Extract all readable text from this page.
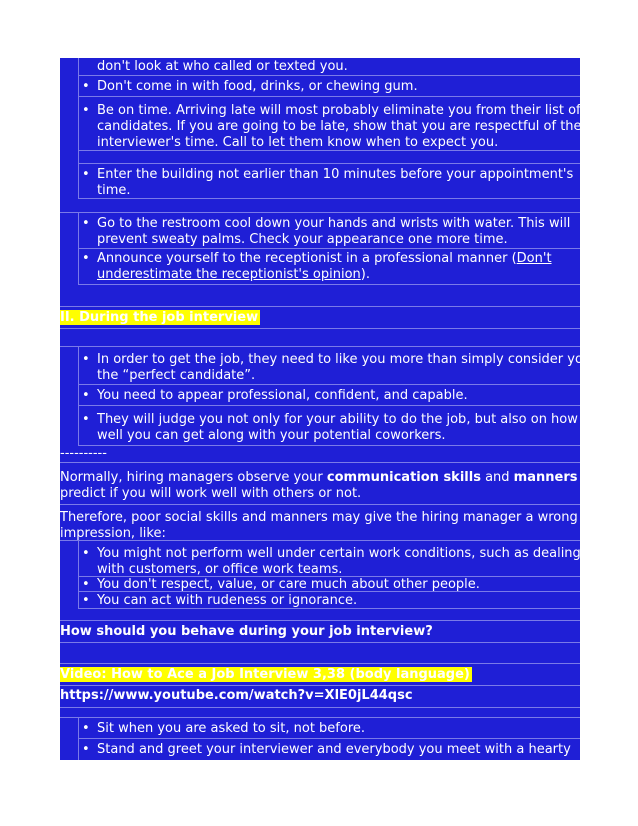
don't look at who called or texted you.
• Don't come in with food, drinks, or chewing gum.
• Be on time. Arriving late will most probably eliminate you from their list of
candidates. If you are going to be late, show that you are respectful of the
interviewer's time. Call to let them know when to expect you.
• Enter the building not earlier than 10 minutes before your appointment's
time.
• Go to the restroom cool down your hands and wrists with water. This will
prevent sweaty palms. Check your appearance one more time.
• Announce yourself to the receptionist in a professional manner (Don't
underestimate the receptionist's opinion).
II. During the job interview
• In order to get the job, they need to like you more than simply consider you
the “perfect candidate”.
• You need to appear professional, confident, and capable.
• They will judge you not only for your ability to do the job, but also on how
well you can get along with your potential coworkers.
----------
Normally, hiring managers observe your communication skills and manners to
predict if you will work well with others or not.
Therefore, poor social skills and manners may give the hiring manager a wrong
impression, like:
• You might not perform well under certain work conditions, such as dealing
with customers, or office work teams.
• You don't respect, value, or care much about other people.
• You can act with rudeness or ignorance.
How should you behave during your job interview?
Video: How to Ace a Job Interview 3,38 (body language)
https://www.youtube.com/watch?v=XlE0jL44qsc
• Sit when you are asked to sit, not before.
• Stand and greet your interviewer and everybody you meet with a hearty
